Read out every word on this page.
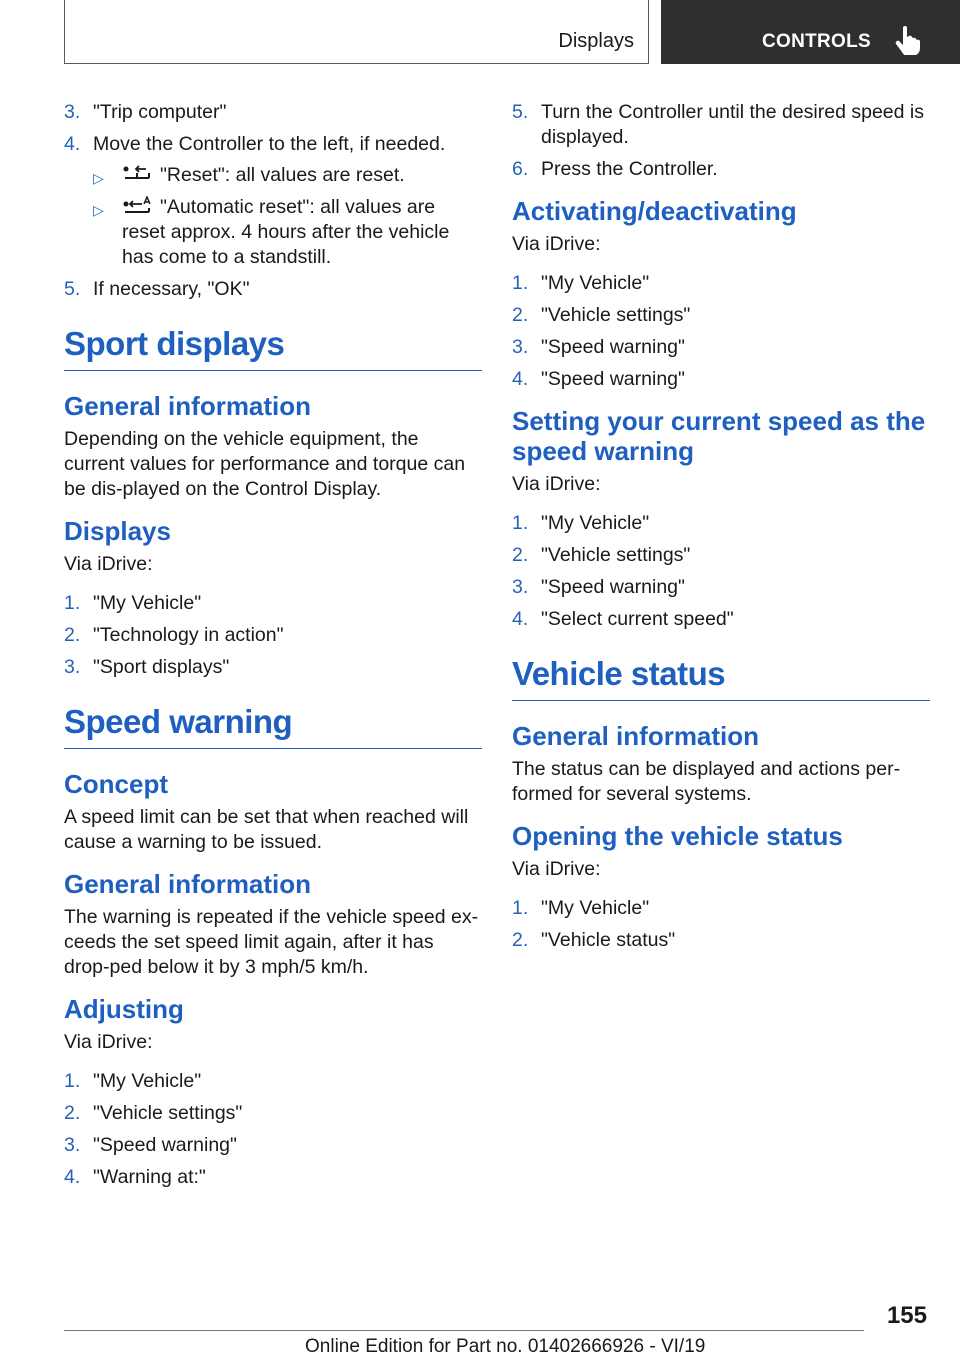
Displays	CONTROLS
3. "Trip computer"
4. Move the Controller to the left, if needed.
▷	"Reset": all values are reset.
▷	"Automatic reset": all values are reset approx. 4 hours after the vehicle has come to a standstill.
5. If necessary, "OK"
Sport displays
General information

Depending on the vehicle equipment, the current values for performance and torque can be dis-played on the Control Display.

Displays

Via iDrive:

1. "My Vehicle"
2. "Technology in action"
3. "Sport displays"
Speed warning
Concept

A speed limit can be set that when reached will cause a warning to be issued.

General information

The warning is repeated if the vehicle speed ex-ceeds the set speed limit again, after it has drop-ped below it by 3 mph/5 km/h.

Adjusting

Via iDrive:

1. "My Vehicle"
2. "Vehicle settings"
3. "Speed warning"
4. "Warning at:"
5. Turn the Controller until the desired speed is displayed.
6. Press the Controller.
Activating/deactivating

Via iDrive:

1. "My Vehicle"
2. "Vehicle settings"
3. "Speed warning"
4. "Speed warning"
Setting your current speed as the speed warning

Via iDrive:

1. "My Vehicle"
2. "Vehicle settings"
3. "Speed warning"
4. "Select current speed"
Vehicle status
General information

The status can be displayed and actions per-formed for several systems.

Opening the vehicle status

Via iDrive:

1. "My Vehicle"
2. "Vehicle status"
155
Online Edition for Part no. 01402666926 - VI/19
